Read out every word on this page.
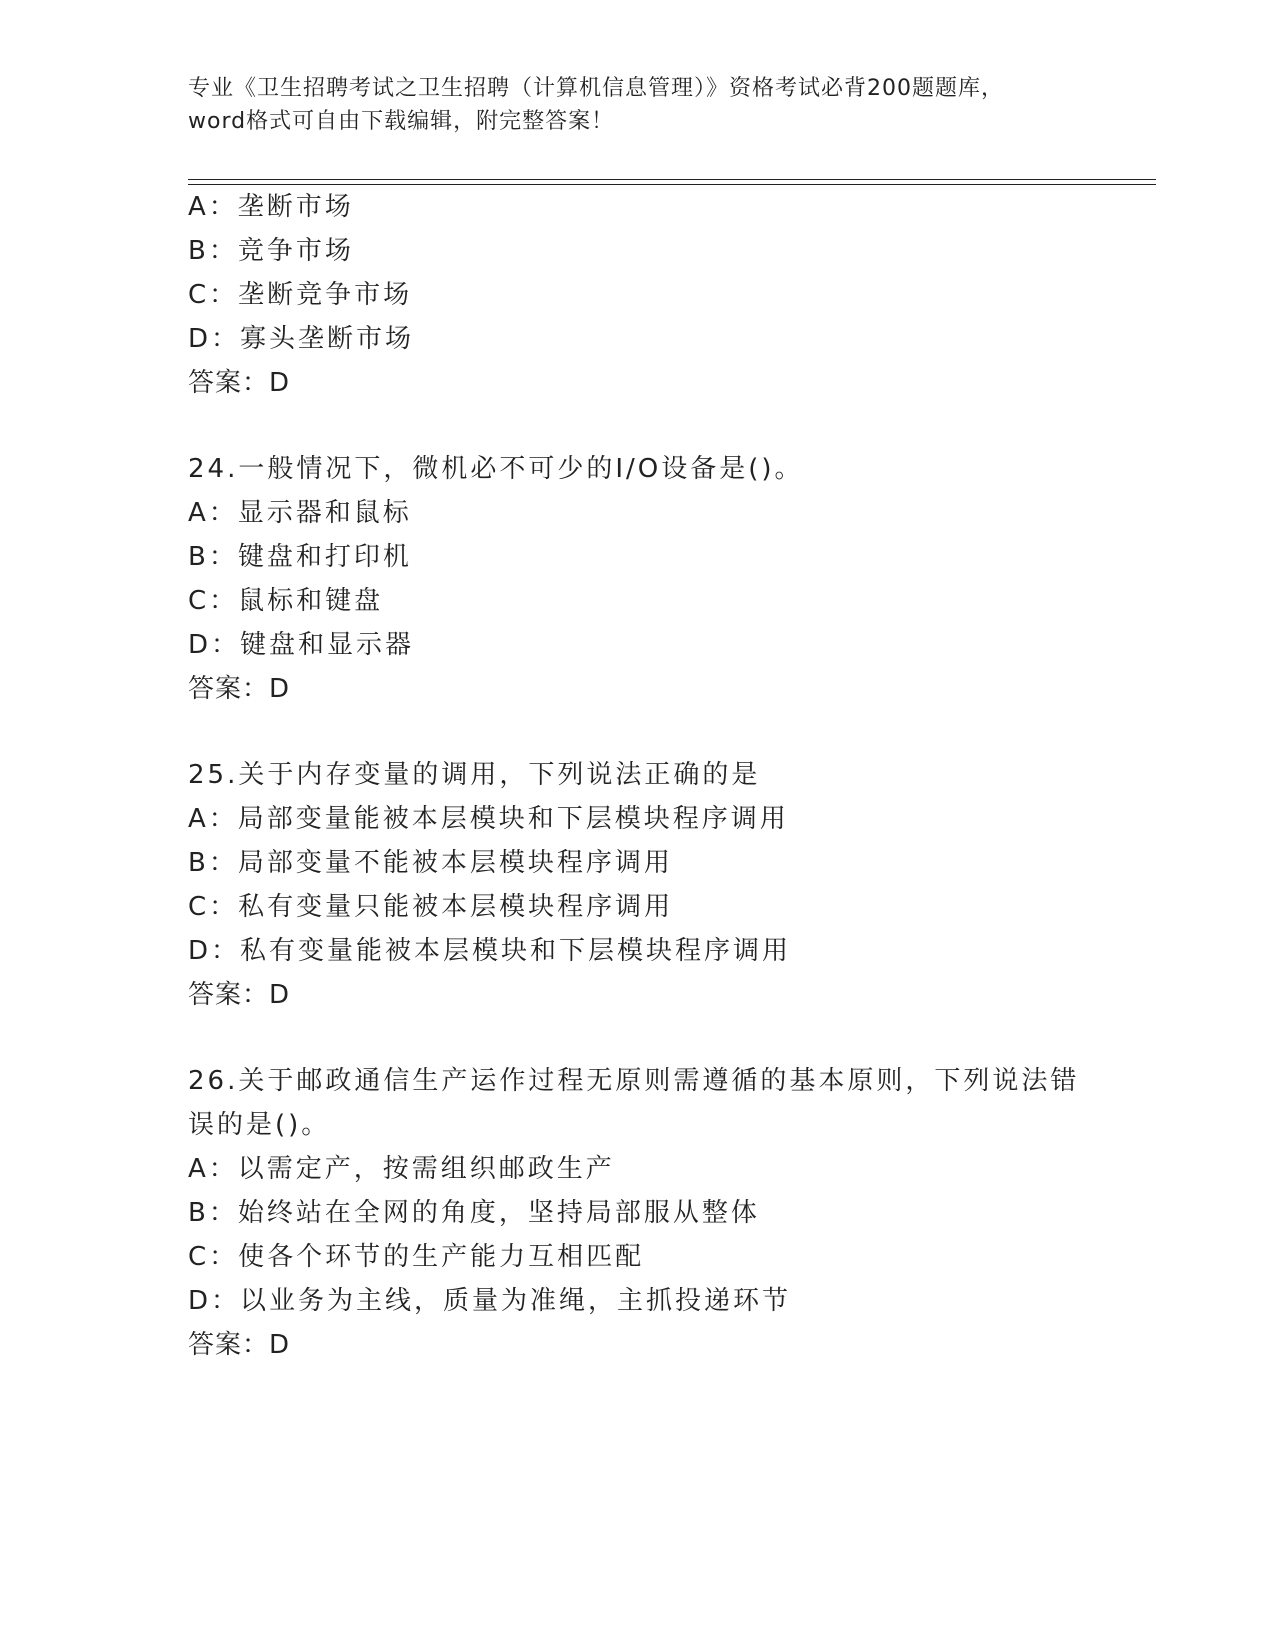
专业《卫生招聘考试之卫生招聘（计算机信息管理）》资格考试必背200题题库，
word格式可自由下载编辑，附完整答案！
A：垄断市场
B：竞争市场
C：垄断竞争市场
D：寡头垄断市场
答案：D
24.一般情况下，微机必不可少的I/O设备是()。
A：显示器和鼠标
B：键盘和打印机
C：鼠标和键盘
D：键盘和显示器
答案：D
25.关于内存变量的调用，下列说法正确的是
A：局部变量能被本层模块和下层模块程序调用
B：局部变量不能被本层模块程序调用
C：私有变量只能被本层模块程序调用
D：私有变量能被本层模块和下层模块程序调用
答案：D
26.关于邮政通信生产运作过程无原则需遵循的基本原则，下列说法错
误的是()。
A：以需定产，按需组织邮政生产
B：始终站在全网的角度，坚持局部服从整体
C：使各个环节的生产能力互相匹配
D：以业务为主线，质量为准绳，主抓投递环节
答案：D
